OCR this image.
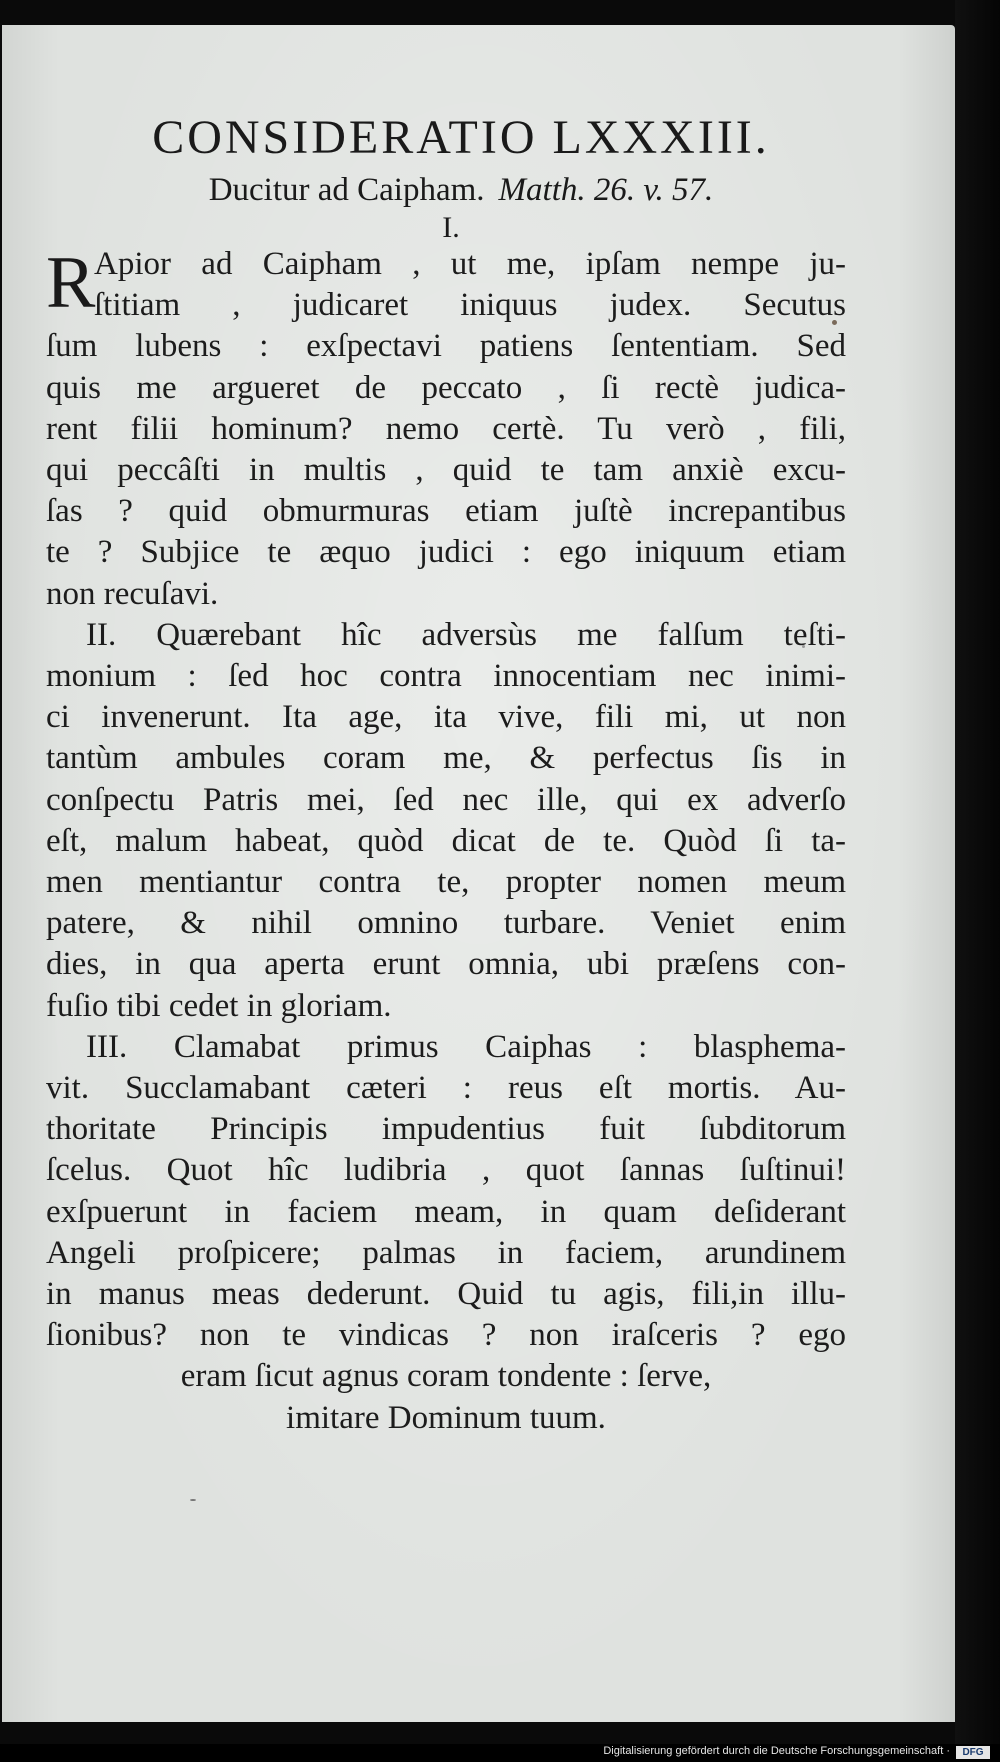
CONSIDERATIO LXXXIII.
Ducitur ad Caipham. Matth. 26. v. 57.
I.
R
Apior ad Caipham , ut me, ipſam nempe ju-
ſtitiam , judicaret iniquus judex. Secutus
ſum lubens : exſpectavi patiens ſententiam. Sed
quis me argueret de peccato , ſi rectè judica-
rent filii hominum? nemo certè. Tu verò , fili,
qui peccâſti in multis , quid te tam anxiè excu-
ſas ? quid obmurmuras etiam juſtè increpantibus
te ? Subjice te æquo judici : ego iniquum etiam
non recuſavi.
II. Quærebant hîc adversùs me falſum teſti-
monium : ſed hoc contra innocentiam nec inimi-
ci invenerunt. Ita age, ita vive, fili mi, ut non
tantùm ambules coram me, & perfectus ſis in
conſpectu Patris mei, ſed nec ille, qui ex adverſo
eſt, malum habeat, quòd dicat de te. Quòd ſi ta-
men mentiantur contra te, propter nomen meum
patere, & nihil omnino turbare. Veniet enim
dies, in qua aperta erunt omnia, ubi præſens con-
fuſio tibi cedet in gloriam.
III. Clamabat primus Caiphas : blasphema-
vit. Succlamabant cæteri : reus eſt mortis. Au-
thoritate Principis impudentius fuit ſubditorum
ſcelus. Quot hîc ludibria , quot ſannas ſuſtinui!
exſpuerunt in faciem meam, in quam deſiderant
Angeli proſpicere; palmas in faciem, arundinem
in manus meas dederunt. Quid tu agis, fili,in illu-
ſionibus? non te vindicas ? non iraſceris ? ego
eram ſicut agnus coram tondente : ſerve,
imitare Dominum tuum.
Digitalisierung gefördert durch die Deutsche Forschungsgemeinschaft ·	DFG
